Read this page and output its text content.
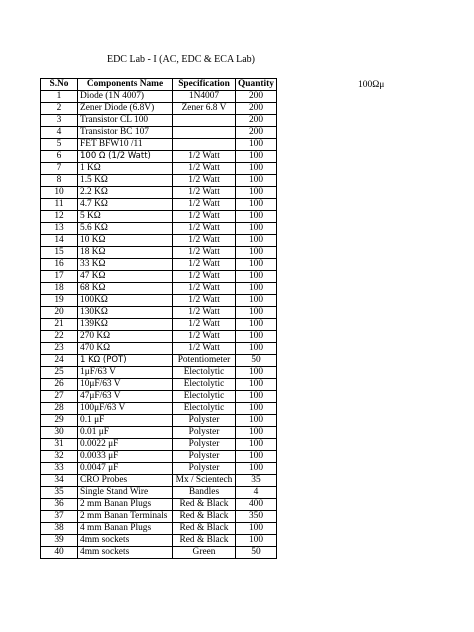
EDC Lab - I (AC, EDC & ECA Lab)
100Ωμ
S.No	Components Name	Specification	Quantity
1	Diode (1N 4007)	1N4007	200
2	Zener Diode (6.8V)	Zener 6.8 V	200
3	Transistor CL 100		200
4	Transistor BC 107		200
5	FET BFW10 /11		100
6	100 Ω (1/2 Watt)	1/2 Watt	100
7	1 KΩ	1/2 Watt	100
8	1.5 KΩ	1/2 Watt	100
10	2.2 KΩ	1/2 Watt	100
11	4.7 KΩ	1/2 Watt	100
12	5 KΩ	1/2 Watt	100
13	5.6 KΩ	1/2 Watt	100
14	10 KΩ	1/2 Watt	100
15	18 KΩ	1/2 Watt	100
16	33 KΩ	1/2 Watt	100
17	47 KΩ	1/2 Watt	100
18	68 KΩ	1/2 Watt	100
19	100KΩ	1/2 Watt	100
20	130KΩ	1/2 Watt	100
21	139KΩ	1/2 Watt	100
22	270 KΩ	1/2 Watt	100
23	470 KΩ	1/2 Watt	100
24	1 KΩ (POT)	Potentiometer	50
25	1μF/63 V	Electolytic	100
26	10μF/63 V	Electolytic	100
27	47μF/63 V	Electolytic	100
28	100μF/63 V	Electolytic	100
29	0.1 μF	Polyster	100
30	0.01 μF	Polyster	100
31	0.0022 μF	Polyster	100
32	0.0033 μF	Polyster	100
33	0.0047 μF	Polyster	100
34	CRO Probes	Mx / Scientech	35
35	Single Stand Wire	Bandles	4
36	2 mm Banan Plugs	Red & Black	400
37	2 mm Banan Terminals	Red & Black	350
38	4 mm Banan Plugs	Red & Black	100
39	4mm sockets	Red & Black	100
40	4mm sockets	Green	50
